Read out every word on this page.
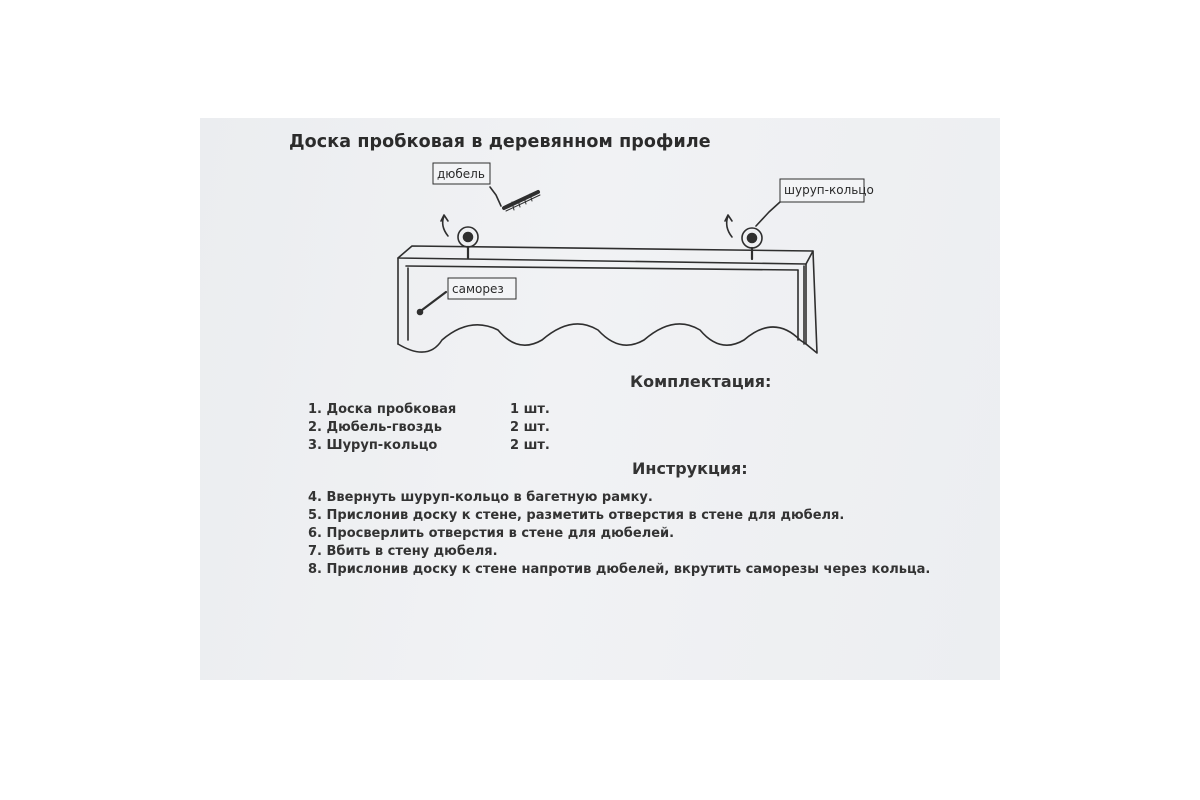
Доска пробковая в деревянном профиле
дюбель
шуруп-кольцо
саморез
Комплектация:
1. Доска пробковая	1 шт.
2. Дюбель-гвоздь	2 шт.
3. Шуруп-кольцо	2 шт.
Инструкция:
4. Ввернуть шуруп-кольцо в багетную рамку.
5. Прислонив доску к стене, разметить отверстия в стене для дюбеля.
6. Просверлить отверстия в стене для дюбелей.
7. Вбить в стену дюбеля.
8. Прислонив доску к стене напротив дюбелей, вкрутить саморезы через кольца.
